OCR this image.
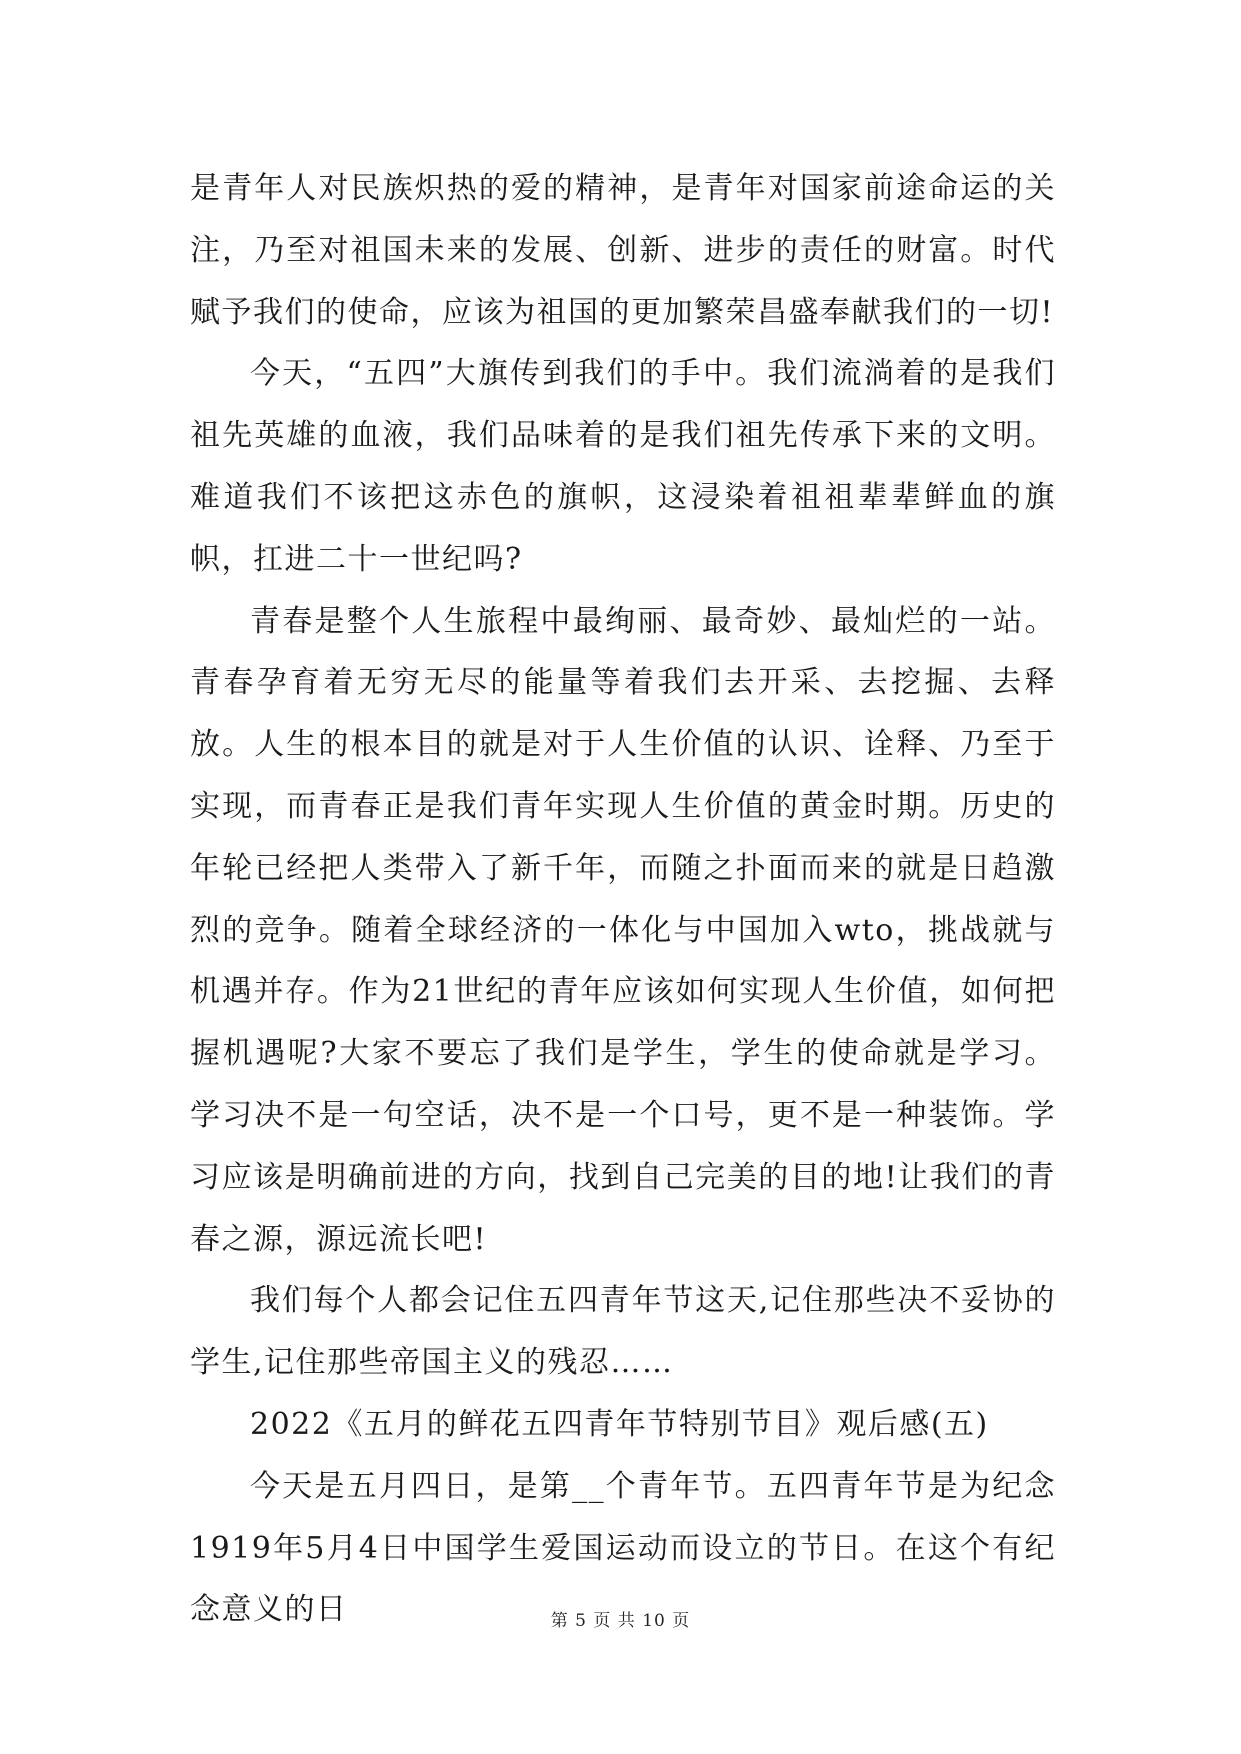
是青年人对民族炽热的爱的精神，是青年对国家前途命运的关注，乃至对祖国未来的发展、创新、进步的责任的财富。时代赋予我们的使命，应该为祖国的更加繁荣昌盛奉献我们的一切!

今天，“五四”大旗传到我们的手中。我们流淌着的是我们祖先英雄的血液，我们品味着的是我们祖先传承下来的文明。难道我们不该把这赤色的旗帜，这浸染着祖祖辈辈鲜血的旗帜，扛进二十一世纪吗?

青春是整个人生旅程中最绚丽、最奇妙、最灿烂的一站。青春孕育着无穷无尽的能量等着我们去开采、去挖掘、去释放。人生的根本目的就是对于人生价值的认识、诠释、乃至于实现，而青春正是我们青年实现人生价值的黄金时期。历史的年轮已经把人类带入了新千年，而随之扑面而来的就是日趋激烈的竞争。随着全球经济的一体化与中国加入wto，挑战就与机遇并存。作为21世纪的青年应该如何实现人生价值，如何把握机遇呢?大家不要忘了我们是学生，学生的使命就是学习。学习决不是一句空话，决不是一个口号，更不是一种装饰。学习应该是明确前进的方向，找到自己完美的目的地!让我们的青春之源，源远流长吧!

我们每个人都会记住五四青年节这天,记住那些决不妥协的学生,记住那些帝国主义的残忍……

2022《五月的鲜花五四青年节特别节目》观后感(五)

今天是五月四日，是第__个青年节。五四青年节是为纪念1919年5月4日中国学生爱国运动而设立的节日。在这个有纪念意义的日	第 5 页 共 10 页
